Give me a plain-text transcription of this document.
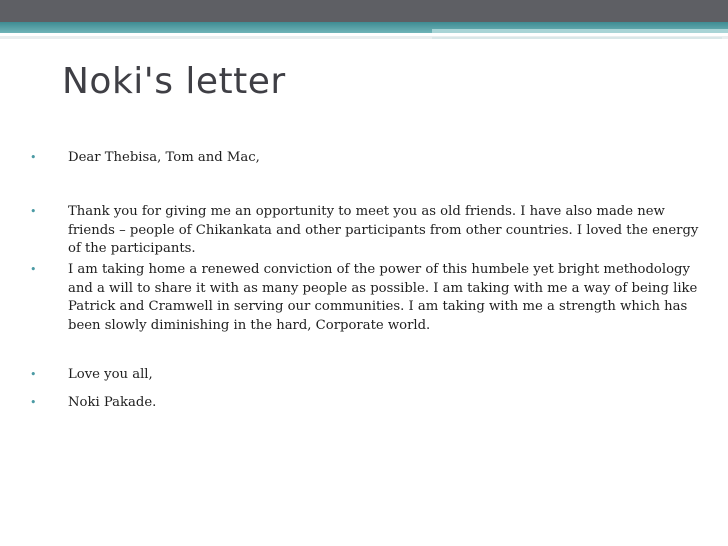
Noki's letter
• Dear Thebisa, Tom and Mac,
• Thank you for giving me an opportunity to meet you as old friends. I have also made new friends – people of Chikankata and other participants from other countries. I loved the energy of the participants.
• I am taking home a renewed conviction of the power of this humbele yet bright methodology and a will to share it with as many people as possible. I am taking with me a way of being like Patrick and Cramwell in serving our communities. I am taking with me a strength which has been slowly diminishing in the hard, Corporate world.
• Love you all,
• Noki Pakade.
